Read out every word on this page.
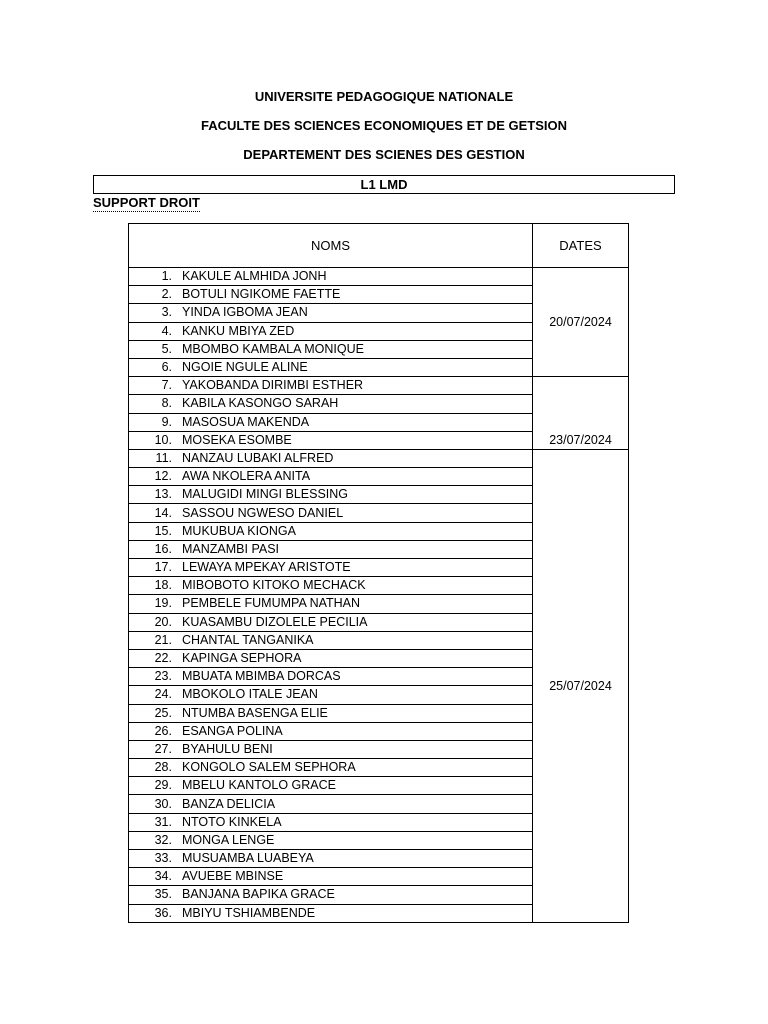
UNIVERSITE PEDAGOGIQUE NATIONALE
FACULTE DES SCIENCES ECONOMIQUES ET DE GETSION
DEPARTEMENT DES SCIENES DES GESTION
L1 LMD
SUPPORT DROIT
NOMS	DATES
1. KAKULE ALMHIDA JONH	20/07/2024
2. BOTULI NGIKOME FAETTE	
3. YINDA IGBOMA JEAN	
4. KANKU MBIYA ZED	
5. MBOMBO KAMBALA MONIQUE	
6. NGOIE NGULE ALINE	
7. YAKOBANDA DIRIMBI ESTHER	23/07/2024
8. KABILA KASONGO SARAH	
9. MASOSUA MAKENDA	
10. MOSEKA ESOMBE	
11. NANZAU LUBAKI ALFRED	25/07/2024
12. AWA NKOLERA ANITA	
13. MALUGIDI MINGI BLESSING	
14. SASSOU NGWESO DANIEL	
15. MUKUBUA KIONGA	
16. MANZAMBI PASI	
17. LEWAYA MPEKAY ARISTOTE	
18. MIBOBOTO KITOKO MECHACK	
19. PEMBELE FUMUMPA NATHAN	
20. KUASAMBU DIZOLELE PECILIA	
21. CHANTAL TANGANIKA	
22. KAPINGA SEPHORA	
23. MBUATA MBIMBA DORCAS	
24. MBOKOLO ITALE JEAN	
25. NTUMBA BASENGA ELIE	
26. ESANGA POLINA	
27. BYAHULU BENI	
28. KONGOLO SALEM SEPHORA	
29. MBELU KANTOLO GRACE	
30. BANZA DELICIA	
31. NTOTO KINKELA	
32. MONGA LENGE	
33. MUSUAMBA LUABEYA	
34. AVUEBE MBINSE	
35. BANJANA BAPIKA GRACE	
36. MBIYU TSHIAMBENDE	
